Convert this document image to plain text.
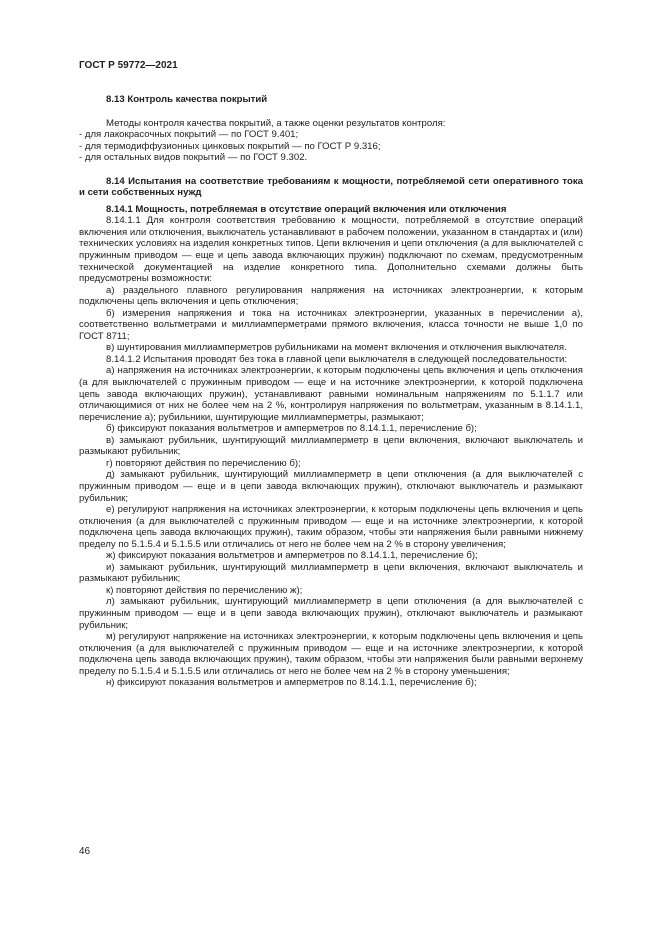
ГОСТ Р 59772—2021

8.13 Контроль качества покрытий

Методы контроля качества покрытий, а также оценки результатов контроля:

- для лакокрасочных покрытий — по ГОСТ 9.401;

- для термодиффузионных цинковых покрытий — по ГОСТ Р 9.316;

- для остальных видов покрытий — по ГОСТ 9.302.

8.14 Испытания на соответствие требованиям к мощности, потребляемой сети оперативного тока и сети собственных нужд

8.14.1 Мощность, потребляемая в отсутствие операций включения или отключения

8.14.1.1 Для контроля соответствия требованию к мощности, потребляемой в отсутствие операций включения или отключения, выключатель устанавливают в рабочем положении, указанном в стандартах и (или) технических условиях на изделия конкретных типов. Цепи включения и цепи отключения (а для выключателей с пружинным приводом — еще и цепь завода включающих пружин) подключают по схемам, предусмотренным технической документацией на изделие конкретного типа. Дополнительно схемами должны быть предусмотрены возможности:

а) раздельного плавного регулирования напряжения на источниках электроэнергии, к которым подключены цепь включения и цепь отключения;

б) измерения напряжения и тока на источниках электроэнергии, указанных в перечислении а), соответственно вольтметрами и миллиамперметрами прямого включения, класса точности не выше 1,0 по ГОСТ 8711;

в) шунтирования миллиамперметров рубильниками на момент включения и отключения выключателя.

8.14.1.2 Испытания проводят без тока в главной цепи выключателя в следующей последовательности:

а) напряжения на источниках электроэнергии, к которым подключены цепь включения и цепь отключения (а для выключателей с пружинным приводом — еще и на источнике электроэнергии, к которой подключена цепь завода включающих пружин), устанавливают равными номинальным напряжениям по 5.1.1.7 или отличающимися от них не более чем на 2 %, контролируя напряжения по вольтметрам, указанным в 8.14.1.1, перечисление а); рубильники, шунтирующие миллиамперметры, размыкают;

б) фиксируют показания вольтметров и амперметров по 8.14.1.1, перечисление б);

в) замыкают рубильник, шунтирующий миллиамперметр в цепи включения, включают выключатель и размыкают рубильник;

г) повторяют действия по перечислению б);

д) замыкают рубильник, шунтирующий миллиамперметр в цепи отключения (а для выключателей с пружинным приводом — еще и в цепи завода включающих пружин), отключают выключатель и размыкают рубильник;

е) регулируют напряжения на источниках электроэнергии, к которым подключены цепь включения и цепь отключения (а для выключателей с пружинным приводом — еще и на источнике электроэнергии, к которой подключена цепь завода включающих пружин), таким образом, чтобы эти напряжения были равными нижнему пределу по 5.1.5.4 и 5.1.5.5 или отличались от него не более чем на 2 % в сторону увеличения;

ж) фиксируют показания вольтметров и амперметров по 8.14.1.1, перечисление б);

и) замыкают рубильник, шунтирующий миллиамперметр в цепи включения, включают выключатель и размыкают рубильник;

к) повторяют действия по перечислению ж);

л) замыкают рубильник, шунтирующий миллиамперметр в цепи отключения (а для выключателей с пружинным приводом — еще и в цепи завода включающих пружин), отключают выключатель и размыкают рубильник;

м) регулируют напряжение на источниках электроэнергии, к которым подключены цепь включения и цепь отключения (а для выключателей с пружинным приводом — еще и на источнике электроэнергии, к которой подключена цепь завода включающих пружин), таким образом, чтобы эти напряжения были равными верхнему пределу по 5.1.5.4 и 5.1.5.5 или отличались от него не более чем на 2 % в сторону уменьшения;

н) фиксируют показания вольтметров и амперметров по 8.14.1.1, перечисление б);

46
